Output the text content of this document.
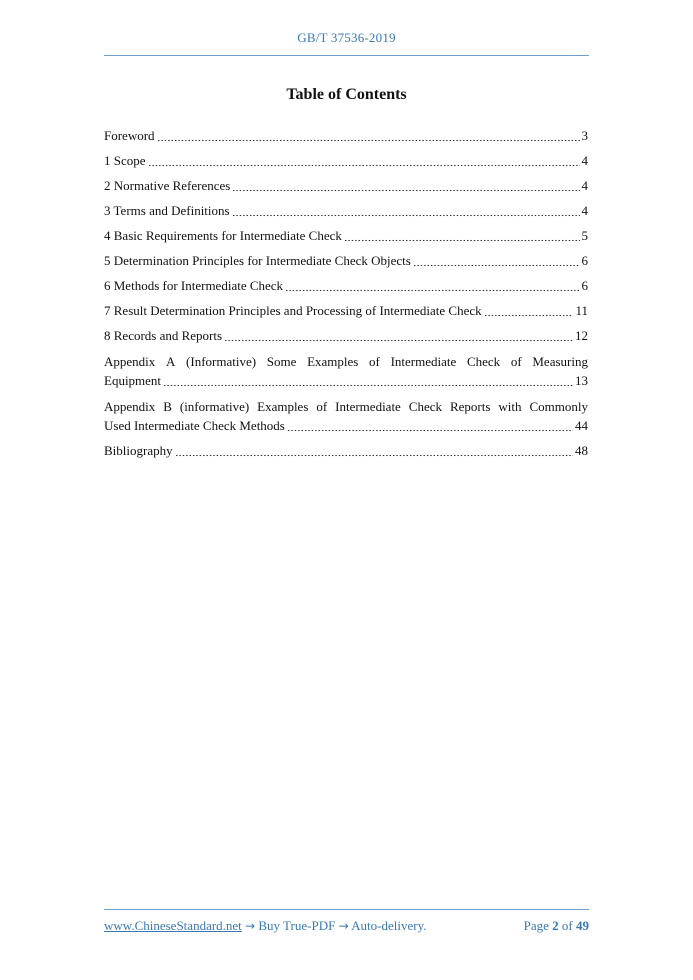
GB/T 37536-2019
Table of Contents
Foreword	3
1 Scope	4
2 Normative References	4
3 Terms and Definitions	4
4 Basic Requirements for Intermediate Check	5
5 Determination Principles for Intermediate Check Objects	6
6 Methods for Intermediate Check	6
7 Result Determination Principles and Processing of Intermediate Check	11
8 Records and Reports	12
Appendix A (Informative) Some Examples of Intermediate Check of Measuring
Equipment	13
Appendix B (informative) Examples of Intermediate Check Reports with Commonly
Used Intermediate Check Methods	44
Bibliography	48
www.ChineseStandard.net → Buy True-PDF → Auto-delivery.	Page 2 of 49
